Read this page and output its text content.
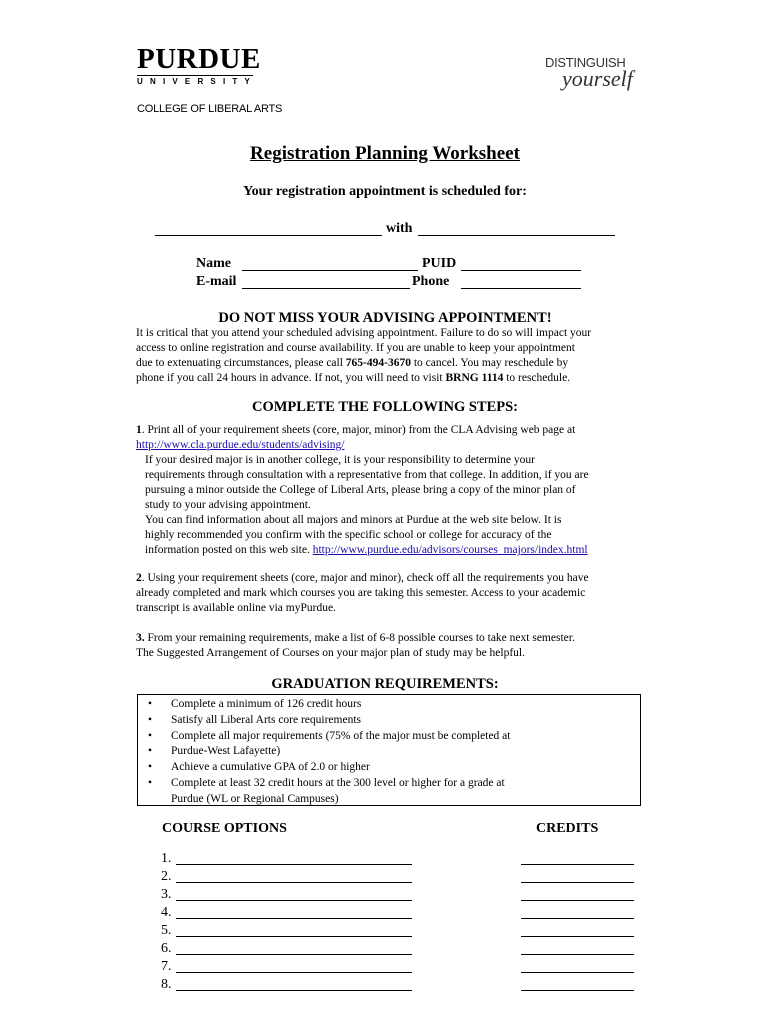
PURDUE
UNIVERSITY
COLLEGE OF LIBERAL ARTS
DISTINGUISH
yourself
Registration Planning Worksheet
Your registration appointment is scheduled for:
with
Name	PUID
E-mail	Phone
DO NOT MISS YOUR ADVISING APPOINTMENT!
It is critical that you attend your scheduled advising appointment. Failure to do so will impact your
access to online registration and course availability. If you are unable to keep your appointment
due to extenuating circumstances, please call 765-494-3670 to cancel. You may reschedule by
phone if you call 24 hours in advance. If not, you will need to visit BRNG 1114 to reschedule.
COMPLETE THE FOLLOWING STEPS:
1. Print all of your requirement sheets (core, major, minor) from the CLA Advising web page at
http://www.cla.purdue.edu/students/advising/
If your desired major is in another college, it is your responsibility to determine your
requirements through consultation with a representative from that college. In addition, if you are
pursuing a minor outside the College of Liberal Arts, please bring a copy of the minor plan of
study to your advising appointment.
You can find information about all majors and minors at Purdue at the web site below. It is
highly recommended you confirm with the specific school or college for accuracy of the
information posted on this web site. http://www.purdue.edu/advisors/courses_majors/index.html
2. Using your requirement sheets (core, major and minor), check off all the requirements you have
already completed and mark which courses you are taking this semester. Access to your academic
transcript is available online via myPurdue.
3. From your remaining requirements, make a list of 6-8 possible courses to take next semester.
The Suggested Arrangement of Courses on your major plan of study may be helpful.
GRADUATION REQUIREMENTS:
• Complete a minimum of 126 credit hours
• Satisfy all Liberal Arts core requirements
• Complete all major requirements (75% of the major must be completed at
• Purdue-West Lafayette)
• Achieve a cumulative GPA of 2.0 or higher
• Complete at least 32 credit hours at the 300 level or higher for a grade at
Purdue (WL or Regional Campuses)
COURSE OPTIONS	CREDITS
1.
2.
3.
4.
5.
6.
7.
8.
